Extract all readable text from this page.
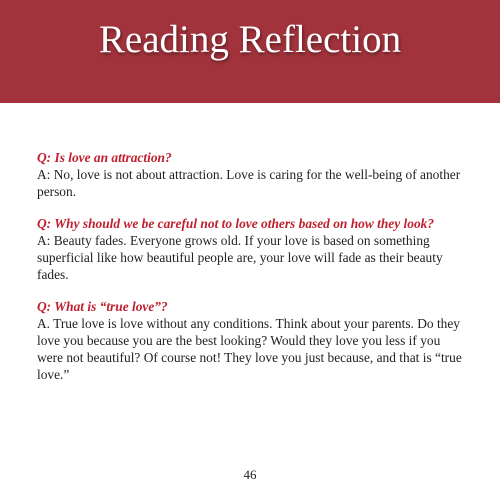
Reading Reflection

Q: Is love an attraction?

A: No, love is not about attraction. Love is caring for the well-being of another person.

Q: Why should we be careful not to love others based on how they look?

A: Beauty fades. Everyone grows old. If your love is based on something superficial like how beautiful people are, your love will fade as their beauty fades.

Q: What is “true love”?

A. True love is love without any conditions. Think about your parents. Do they love you because you are the best looking? Would they love you less if you were not beautiful? Of course not! They love you just because, and that is “true love.”

46
